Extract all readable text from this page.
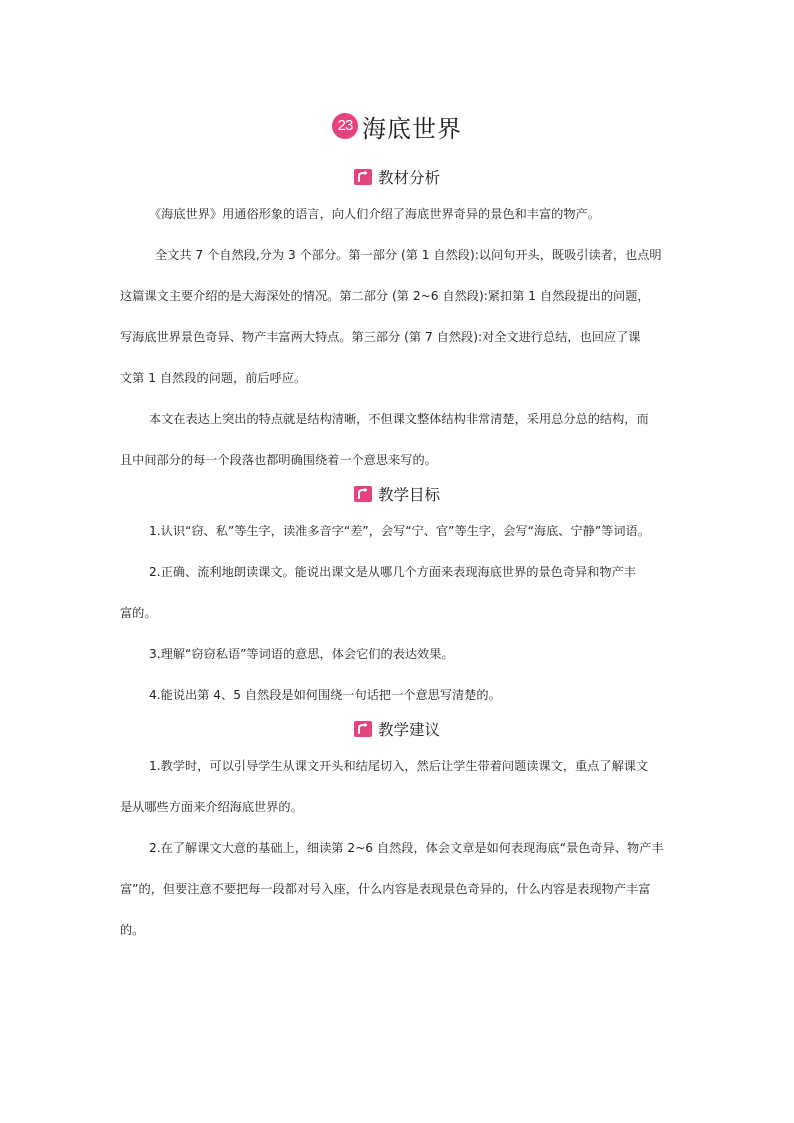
23 海底世界
教材分析

《海底世界》用通俗形象的语言，向人们介绍了海底世界奇异的景色和丰富的物产。

全文共 7 个自然段,分为 3 个部分。第一部分 (第 1 自然段):以问句开头，既吸引读者，也点明

这篇课文主要介绍的是大海深处的情况。第二部分 (第 2~6 自然段):紧扣第 1 自然段提出的问题，

写海底世界景色奇异、物产丰富两大特点。第三部分 (第 7 自然段):对全文进行总结，也回应了课

文第 1 自然段的问题，前后呼应。

本文在表达上突出的特点就是结构清晰，不但课文整体结构非常清楚，采用总分总的结构，而

且中间部分的每一个段落也都明确围绕着一个意思来写的。

教学目标

1.认识“窃、私”等生字，读准多音字“差”，会写“宁、官”等生字，会写“海底、宁静”等词语。

2.正确、流利地朗读课文。能说出课文是从哪几个方面来表现海底世界的景色奇异和物产丰

富的。

3.理解“窃窃私语”等词语的意思，体会它们的表达效果。

4.能说出第 4、5 自然段是如何围绕一句话把一个意思写清楚的。

教学建议

1.教学时，可以引导学生从课文开头和结尾切入，然后让学生带着问题读课文，重点了解课文

是从哪些方面来介绍海底世界的。

2.在了解课文大意的基础上，细读第 2~6 自然段，体会文章是如何表现海底“景色奇异、物产丰

富”的，但要注意不要把每一段都对号入座，什么内容是表现景色奇异的，什么内容是表现物产丰富

的。
